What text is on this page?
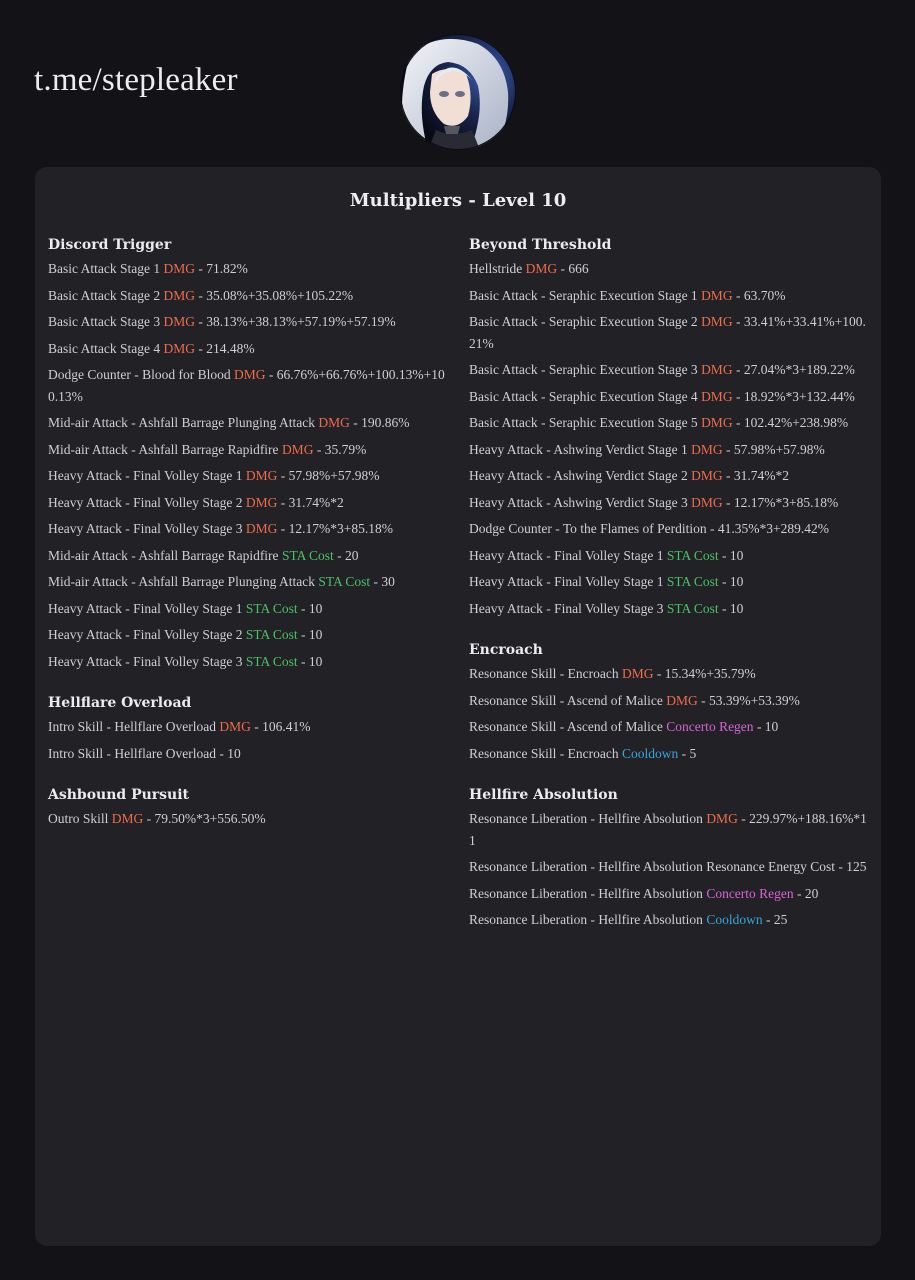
t.me/stepleaker
Multipliers - Level 10
Discord Trigger
Basic Attack Stage 1 DMG - 71.82%
Basic Attack Stage 2 DMG - 35.08%+35.08%+105.22%
Basic Attack Stage 3 DMG - 38.13%+38.13%+57.19%+57.19%
Basic Attack Stage 4 DMG - 214.48%
Dodge Counter - Blood for Blood DMG - 66.76%+66.76%+100.13%+100.13%
Mid-air Attack - Ashfall Barrage Plunging Attack DMG - 190.86%
Mid-air Attack - Ashfall Barrage Rapidfire DMG - 35.79%
Heavy Attack - Final Volley Stage 1 DMG - 57.98%+57.98%
Heavy Attack - Final Volley Stage 2 DMG - 31.74%*2
Heavy Attack - Final Volley Stage 3 DMG - 12.17%*3+85.18%
Mid-air Attack - Ashfall Barrage Rapidfire STA Cost - 20
Mid-air Attack - Ashfall Barrage Plunging Attack STA Cost - 30
Heavy Attack - Final Volley Stage 1 STA Cost - 10
Heavy Attack - Final Volley Stage 2 STA Cost - 10
Heavy Attack - Final Volley Stage 3 STA Cost - 10
Hellflare Overload
Intro Skill - Hellflare Overload DMG - 106.41%
Intro Skill - Hellflare Overload - 10
Ashbound Pursuit
Outro Skill DMG - 79.50%*3+556.50%
Beyond Threshold
Hellstride DMG - 666
Basic Attack - Seraphic Execution Stage 1 DMG - 63.70%
Basic Attack - Seraphic Execution Stage 2 DMG - 33.41%+33.41%+100.21%
Basic Attack - Seraphic Execution Stage 3 DMG - 27.04%*3+189.22%
Basic Attack - Seraphic Execution Stage 4 DMG - 18.92%*3+132.44%
Basic Attack - Seraphic Execution Stage 5 DMG - 102.42%+238.98%
Heavy Attack - Ashwing Verdict Stage 1 DMG - 57.98%+57.98%
Heavy Attack - Ashwing Verdict Stage 2 DMG - 31.74%*2
Heavy Attack - Ashwing Verdict Stage 3 DMG - 12.17%*3+85.18%
Dodge Counter - To the Flames of Perdition - 41.35%*3+289.42%
Heavy Attack - Final Volley Stage 1 STA Cost - 10
Heavy Attack - Final Volley Stage 1 STA Cost - 10
Heavy Attack - Final Volley Stage 3 STA Cost - 10
Encroach
Resonance Skill - Encroach DMG - 15.34%+35.79%
Resonance Skill - Ascend of Malice DMG - 53.39%+53.39%
Resonance Skill - Ascend of Malice Concerto Regen - 10
Resonance Skill - Encroach Cooldown - 5
Hellfire Absolution
Resonance Liberation - Hellfire Absolution DMG - 229.97%+188.16%*11
Resonance Liberation - Hellfire Absolution Resonance Energy Cost - 125
Resonance Liberation - Hellfire Absolution Concerto Regen - 20
Resonance Liberation - Hellfire Absolution Cooldown - 25
